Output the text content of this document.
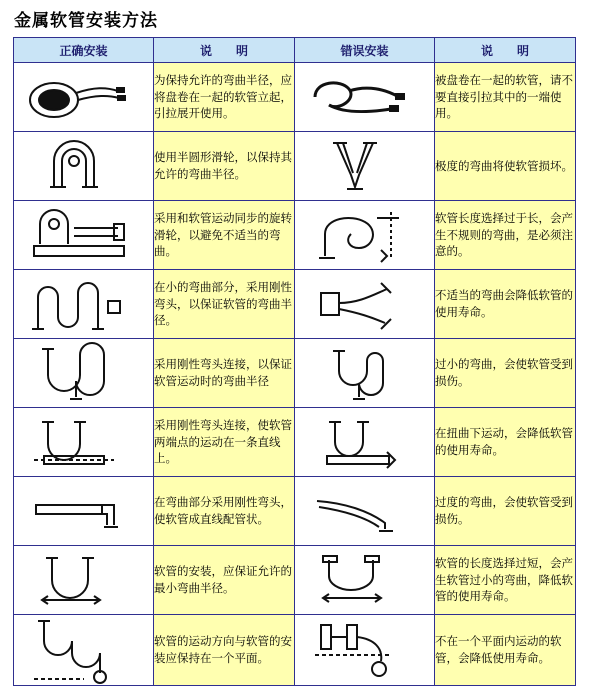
金属软管安装方法
正确安装	说　　明	错误安装	说　　明

	为保持允许的弯曲半径，应将盘卷在一起的软管立起，引拉展开使用。		被盘卷在一起的软管，请不要直接引拉其中的一端使用。

	使用半圆形滑轮，以保持其允许的弯曲半径。		极度的弯曲将使软管损坏。

	采用和软管运动同步的旋转滑轮，以避免不适当的弯曲。		软管长度选择过于长，会产生不规则的弯曲，是必须注意的。

	在小的弯曲部分，采用刚性弯头，以保证软管的弯曲半径。		不适当的弯曲会降低软管的使用寿命。

	采用刚性弯头连接，以保证软管运动时的弯曲半径		过小的弯曲，会使软管受到损伤。

	采用刚性弯头连接，使软管两端点的运动在一条直线上。		在扭曲下运动，会降低软管的使用寿命。

	在弯曲部分采用刚性弯头，使软管成直线配管状。		过度的弯曲，会使软管受到损伤。

	软管的安装，应保证允许的最小弯曲半径。		软管的长度选择过短，会产生软管过小的弯曲，降低软管的使用寿命。

	软管的运动方向与软管的安装应保持在一个平面。		不在一个平面内运动的软管，会降低使用寿命。
